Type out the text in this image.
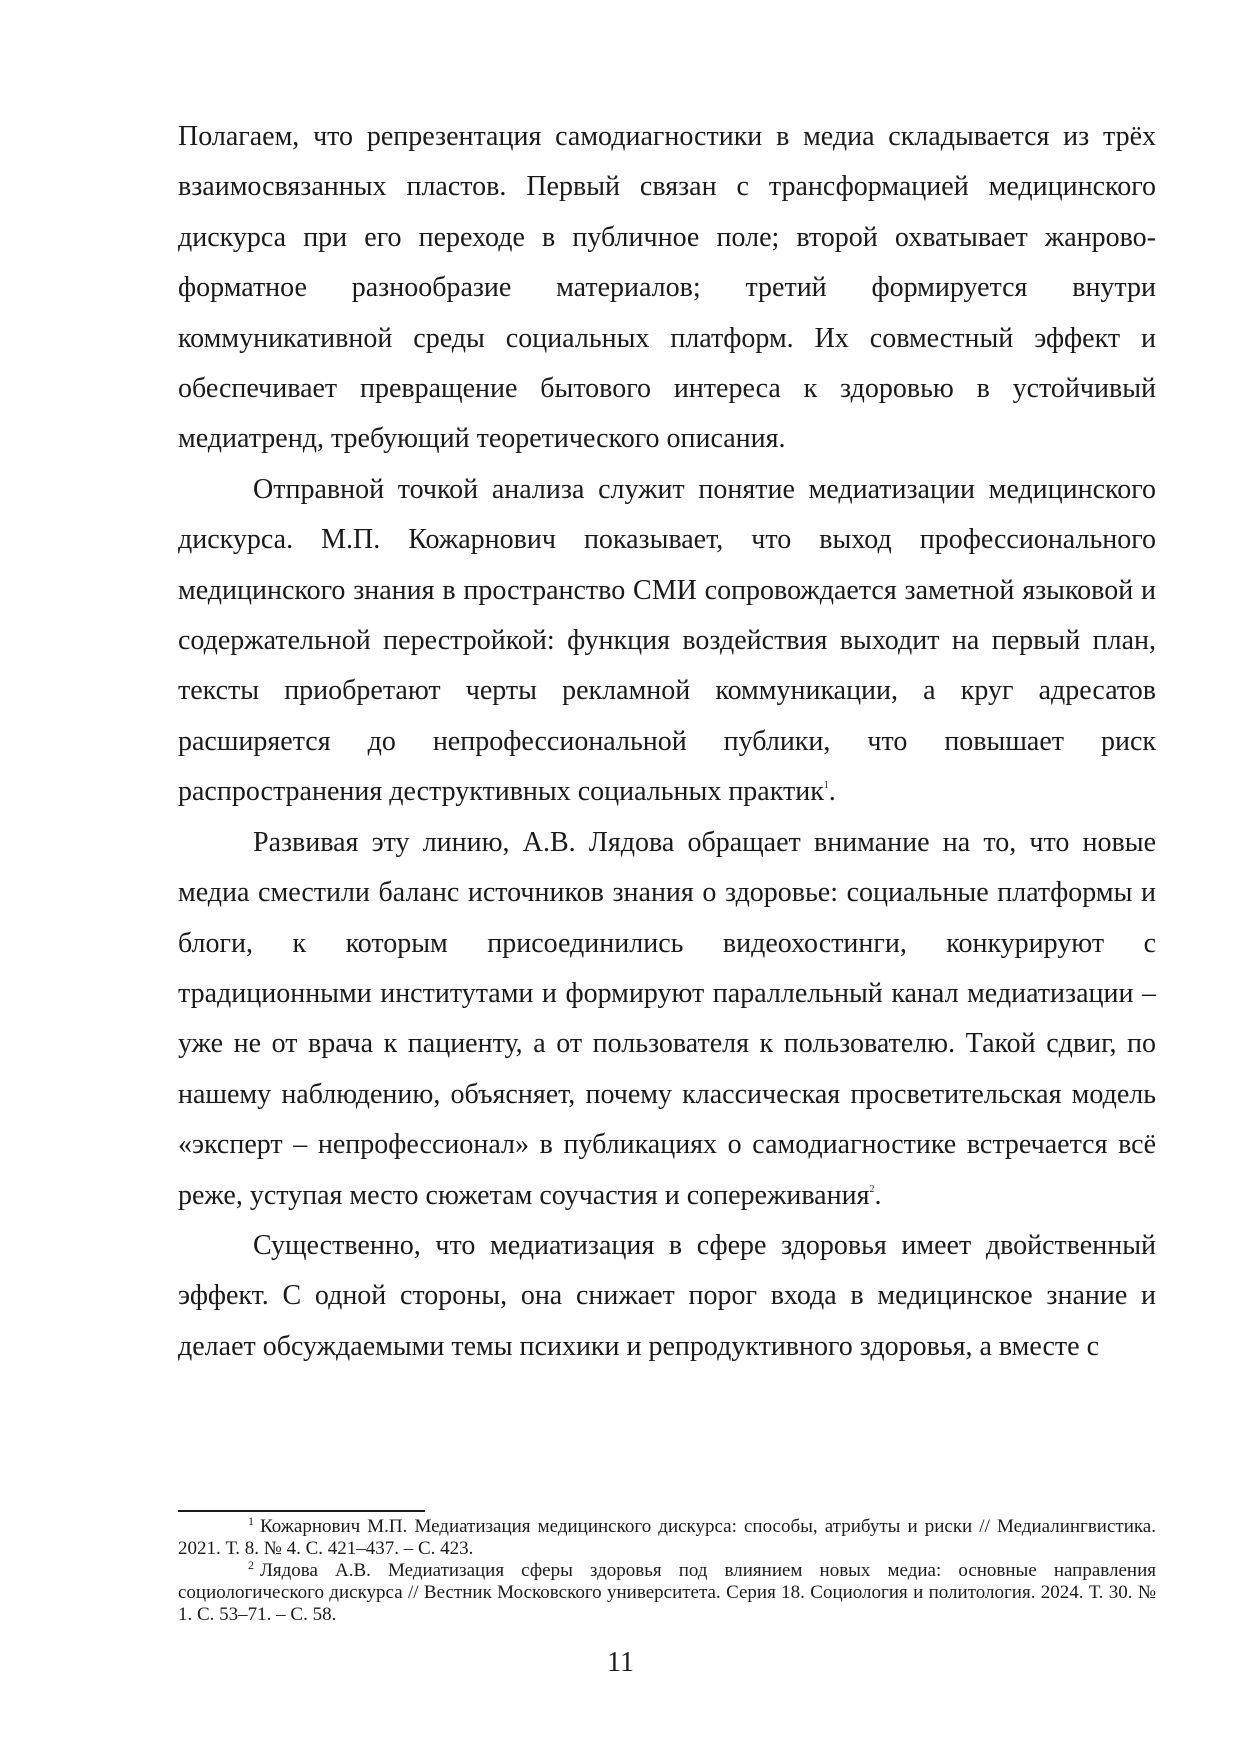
Полагаем, что репрезентация самодиагностики в медиа складывается из трёх взаимосвязанных пластов. Первый связан с трансформацией медицинского дискурса при его переходе в публичное поле; второй охватывает жанрово-форматное разнообразие материалов; третий формируется внутри коммуникативной среды социальных платформ. Их совместный эффект и обеспечивает превращение бытового интереса к здоровью в устойчивый медиатренд, требующий теоретического описания.

Отправной точкой анализа служит понятие медиатизации медицинского дискурса. М.П. Кожарнович показывает, что выход профессионального медицинского знания в пространство СМИ сопровождается заметной языковой и содержательной перестройкой: функция воздействия выходит на первый план, тексты приобретают черты рекламной коммуникации, а круг адресатов расширяется до непрофессиональной публики, что повышает риск распространения деструктивных социальных практик$^1$.

Развивая эту линию, А.В. Лядова обращает внимание на то, что новые медиа сместили баланс источников знания о здоровье: социальные платформы и блоги, к которым присоединились видеохостинги, конкурируют с традиционными институтами и формируют параллельный канал медиатизации – уже не от врача к пациенту, а от пользователя к пользователю. Такой сдвиг, по нашему наблюдению, объясняет, почему классическая просветительская модель «эксперт – непрофессионал» в публикациях о самодиагностике встречается всё реже, уступая место сюжетам соучастия и сопереживания$^2$.

Существенно, что медиатизация в сфере здоровья имеет двойственный эффект. С одной стороны, она снижает порог входа в медицинское знание и делает обсуждаемыми темы психики и репродуктивного здоровья, а вместе с

$^1$ Кожарнович М.П. Медиатизация медицинского дискурса: способы, атрибуты и риски // Медиалингвистика. 2021. Т. 8. № 4. С. 421–437. – С. 423.

$^2$ Лядова А.В. Медиатизация сферы здоровья под влиянием новых медиа: основные направления социологического дискурса // Вестник Московского университета. Серия 18. Социология и политология. 2024. Т. 30. № 1. С. 53–71. – С. 58.

11
